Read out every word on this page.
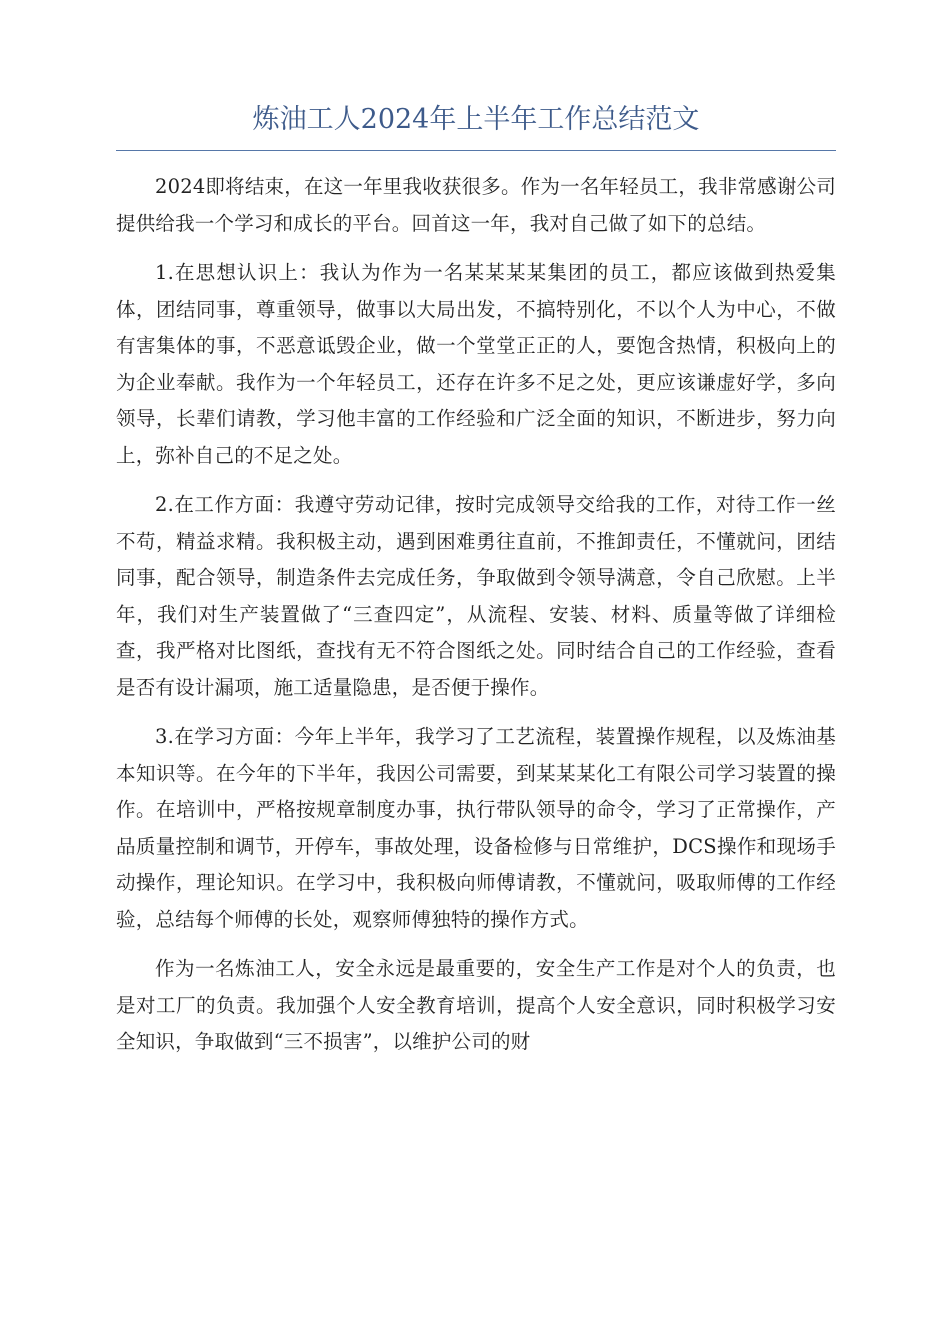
炼油工人2024年上半年工作总结范文

2024即将结束，在这一年里我收获很多。作为一名年轻员工，我非常感谢公司提供给我一个学习和成长的平台。回首这一年，我对自己做了如下的总结。

1.在思想认识上：我认为作为一名某某某某集团的员工，都应该做到热爱集体，团结同事，尊重领导，做事以大局出发，不搞特别化，不以个人为中心，不做有害集体的事，不恶意诋毁企业，做一个堂堂正正的人，要饱含热情，积极向上的为企业奉献。我作为一个年轻员工，还存在许多不足之处，更应该谦虚好学，多向领导，长辈们请教，学习他丰富的工作经验和广泛全面的知识，不断进步，努力向上，弥补自己的不足之处。

2.在工作方面：我遵守劳动记律，按时完成领导交给我的工作，对待工作一丝不苟，精益求精。我积极主动，遇到困难勇往直前，不推卸责任，不懂就问，团结同事，配合领导，制造条件去完成任务，争取做到令领导满意，令自己欣慰。上半年，我们对生产装置做了“三查四定”，从流程、安装、材料、质量等做了详细检查，我严格对比图纸，查找有无不符合图纸之处。同时结合自己的工作经验，查看是否有设计漏项，施工适量隐患，是否便于操作。

3.在学习方面：今年上半年，我学习了工艺流程，装置操作规程，以及炼油基本知识等。在今年的下半年，我因公司需要，到某某某化工有限公司学习装置的操作。在培训中，严格按规章制度办事，执行带队领导的命令，学习了正常操作，产品质量控制和调节，开停车，事故处理，设备检修与日常维护，DCS操作和现场手动操作，理论知识。在学习中，我积极向师傅请教，不懂就问，吸取师傅的工作经验，总结每个师傅的长处，观察师傅独特的操作方式。

作为一名炼油工人，安全永远是最重要的，安全生产工作是对个人的负责，也是对工厂的负责。我加强个人安全教育培训，提高个人安全意识，同时积极学习安全知识，争取做到“三不损害”，以维护公司的财
